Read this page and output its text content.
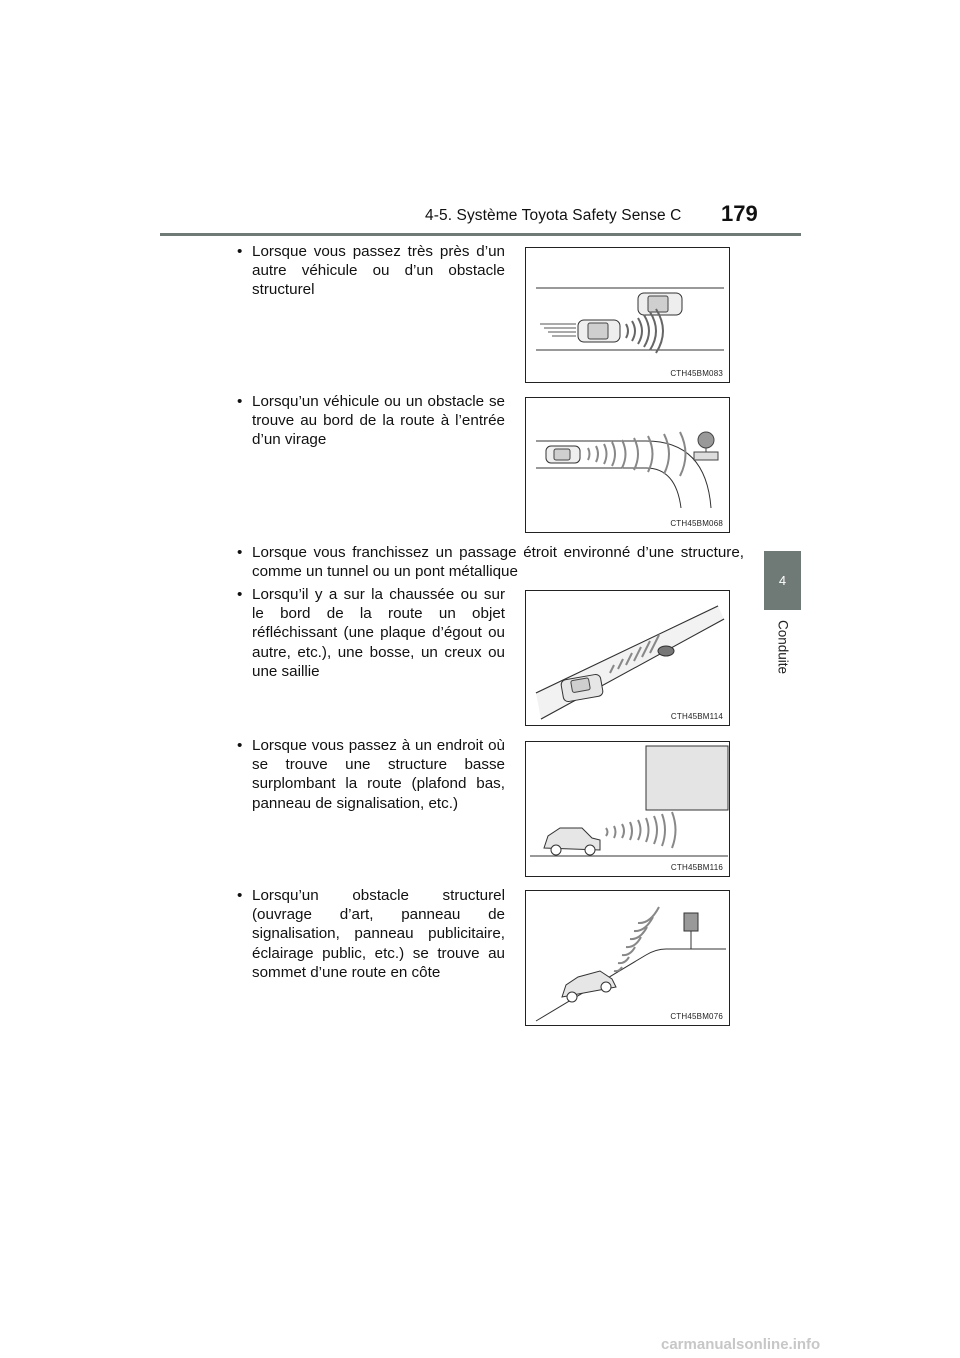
4-5. Système Toyota Safety Sense C 179
4
Conduite
• Lorsque vous passez très près d’un autre véhicule ou d’un obstacle structurel
CTH45BM083
• Lorsqu’un véhicule ou un obstacle se trouve au bord de la route à l’entrée d’un virage
CTH45BM068
• Lorsque vous franchissez un passage étroit environné d’une structure, comme un tunnel ou un pont métallique
• Lorsqu’il y a sur la chaussée ou sur le bord de la route un objet réfléchissant (une plaque d’égout ou autre, etc.), une bosse, un creux ou une saillie
CTH45BM114
• Lorsque vous passez à un endroit où se trouve une structure basse surplombant la route (plafond bas, panneau de signalisation, etc.)
CTH45BM116
• Lorsqu’un obstacle structurel (ouvrage d’art, panneau de signalisation, panneau publicitaire, éclairage public, etc.) se trouve au sommet d’une route en côte
CTH45BM076
carmanualsonline.info
